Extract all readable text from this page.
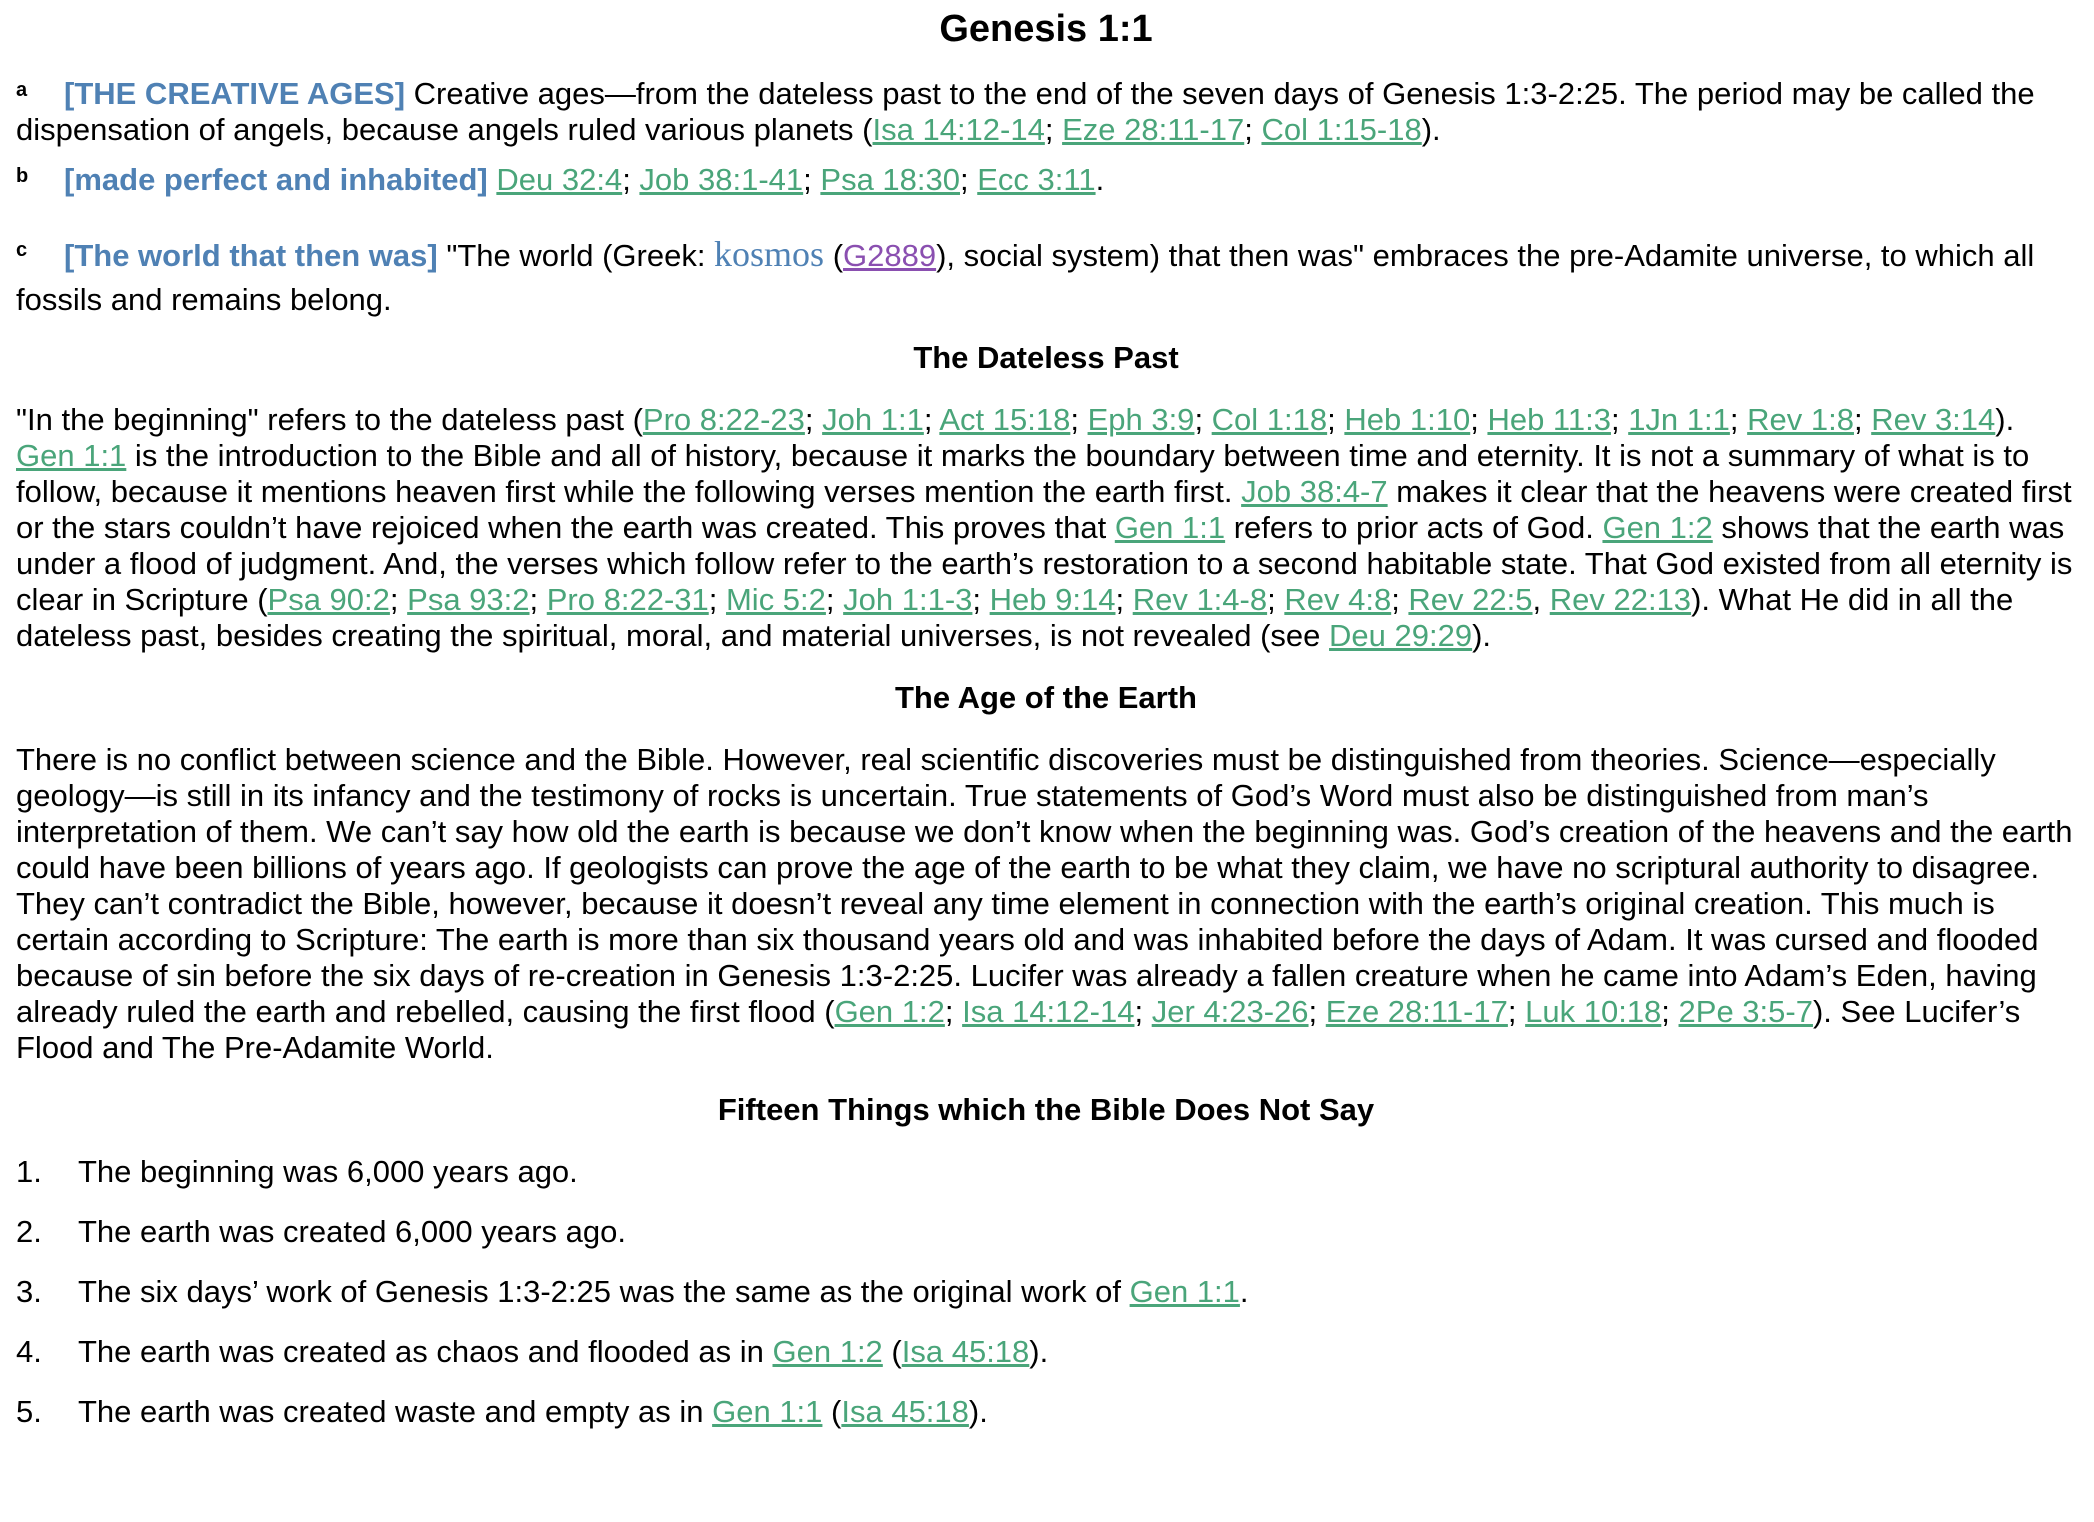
Genesis 1:1

$^a$ [THE CREATIVE AGES] Creative ages—from the dateless past to the end of the seven days of Genesis 1:3-2:25. The period may be called the dispensation of angels, because angels ruled various planets (Isa 14:12-14; Eze 28:11-17; Col 1:15-18).

$^b$ [made perfect and inhabited] Deu 32:4; Job 38:1-41; Psa 18:30; Ecc 3:11.

$^c$ [The world that then was] "The world (Greek: kosmos (G2889), social system) that then was" embraces the pre-Adamite universe, to which all fossils and remains belong.

The Dateless Past

"In the beginning" refers to the dateless past (Pro 8:22-23; Joh 1:1; Act 15:18; Eph 3:9; Col 1:18; Heb 1:10; Heb 11:3; 1Jn 1:1; Rev 1:8; Rev 3:14). Gen 1:1 is the introduction to the Bible and all of history, because it marks the boundary between time and eternity. It is not a summary of what is to follow, because it mentions heaven first while the following verses mention the earth first. Job 38:4-7 makes it clear that the heavens were created first or the stars couldn’t have rejoiced when the earth was created. This proves that Gen 1:1 refers to prior acts of God. Gen 1:2 shows that the earth was under a flood of judgment. And, the verses which follow refer to the earth’s restoration to a second habitable state. That God existed from all eternity is clear in Scripture (Psa 90:2; Psa 93:2; Pro 8:22-31; Mic 5:2; Joh 1:1-3; Heb 9:14; Rev 1:4-8; Rev 4:8; Rev 22:5, Rev 22:13). What He did in all the dateless past, besides creating the spiritual, moral, and material universes, is not revealed (see Deu 29:29).

The Age of the Earth

There is no conflict between science and the Bible. However, real scientific discoveries must be distinguished from theories. Science—especially geology—is still in its infancy and the testimony of rocks is uncertain. True statements of God’s Word must also be distinguished from man’s interpretation of them. We can’t say how old the earth is because we don’t know when the beginning was. God’s creation of the heavens and the earth could have been billions of years ago. If geologists can prove the age of the earth to be what they claim, we have no scriptural authority to disagree. They can’t contradict the Bible, however, because it doesn’t reveal any time element in connection with the earth’s original creation. This much is certain according to Scripture: The earth is more than six thousand years old and was inhabited before the days of Adam. It was cursed and flooded because of sin before the six days of re-creation in Genesis 1:3-2:25. Lucifer was already a fallen creature when he came into Adam’s Eden, having already ruled the earth and rebelled, causing the first flood (Gen 1:2; Isa 14:12-14; Jer 4:23-26; Eze 28:11-17; Luk 10:18; 2Pe 3:5-7). See Lucifer’s Flood and The Pre-Adamite World.

Fifteen Things which the Bible Does Not Say
1.	The beginning was 6,000 years ago.
2.	The earth was created 6,000 years ago.
3.	The six days’ work of Genesis 1:3-2:25 was the same as the original work of Gen 1:1.
4.	The earth was created as chaos and flooded as in Gen 1:2 (Isa 45:18).
5.	The earth was created waste and empty as in Gen 1:1 (Isa 45:18).
